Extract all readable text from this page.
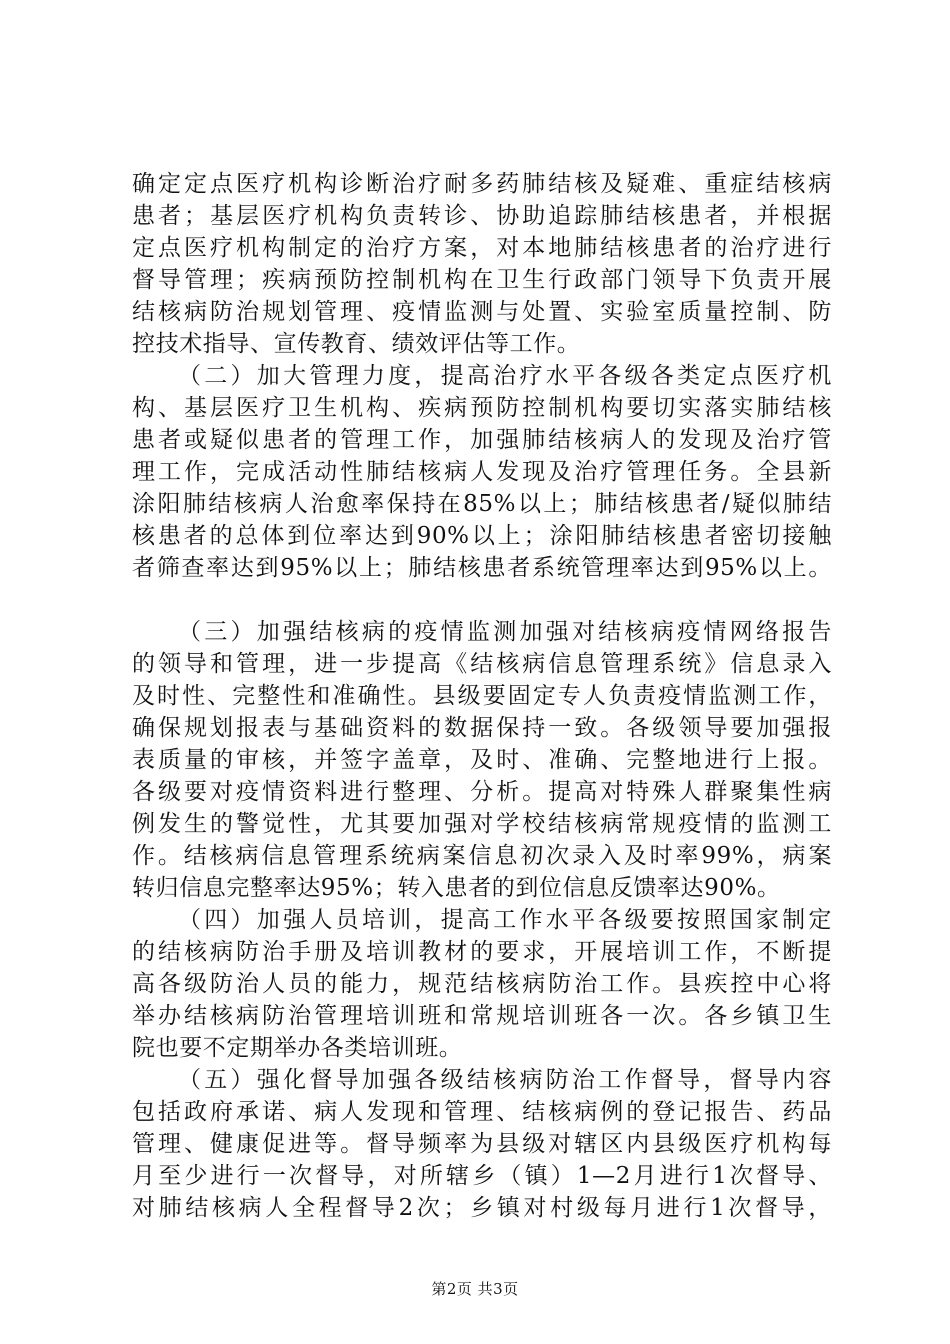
确定定点医疗机构诊断治疗耐多药肺结核及疑难、重症结核病
患者；基层医疗机构负责转诊、协助追踪肺结核患者，并根据
定点医疗机构制定的治疗方案，对本地肺结核患者的治疗进行
督导管理；疾病预防控制机构在卫生行政部门领导下负责开展
结核病防治规划管理、疫情监测与处置、实验室质量控制、防
控技术指导、宣传教育、绩效评估等工作。
（二）加大管理力度，提高治疗水平各级各类定点医疗机
构、基层医疗卫生机构、疾病预防控制机构要切实落实肺结核
患者或疑似患者的管理工作，加强肺结核病人的发现及治疗管
理工作，完成活动性肺结核病人发现及治疗管理任务。全县新
涂阳肺结核病人治愈率保持在85%以上；肺结核患者/疑似肺结
核患者的总体到位率达到90%以上；涂阳肺结核患者密切接触
者筛查率达到95%以上；肺结核患者系统管理率达到95%以上。
（三）加强结核病的疫情监测加强对结核病疫情网络报告
的领导和管理，进一步提高《结核病信息管理系统》信息录入
及时性、完整性和准确性。县级要固定专人负责疫情监测工作，
确保规划报表与基础资料的数据保持一致。各级领导要加强报
表质量的审核，并签字盖章，及时、准确、完整地进行上报。
各级要对疫情资料进行整理、分析。提高对特殊人群聚集性病
例发生的警觉性，尤其要加强对学校结核病常规疫情的监测工
作。结核病信息管理系统病案信息初次录入及时率99%，病案
转归信息完整率达95%；转入患者的到位信息反馈率达90%。
（四）加强人员培训，提高工作水平各级要按照国家制定
的结核病防治手册及培训教材的要求，开展培训工作，不断提
高各级防治人员的能力，规范结核病防治工作。县疾控中心将
举办结核病防治管理培训班和常规培训班各一次。各乡镇卫生
院也要不定期举办各类培训班。
（五）强化督导加强各级结核病防治工作督导，督导内容
包括政府承诺、病人发现和管理、结核病例的登记报告、药品
管理、健康促进等。督导频率为县级对辖区内县级医疗机构每
月至少进行一次督导，对所辖乡（镇）1—2月进行1次督导、
对肺结核病人全程督导2次；乡镇对村级每月进行1次督导，
第2页 共3页
